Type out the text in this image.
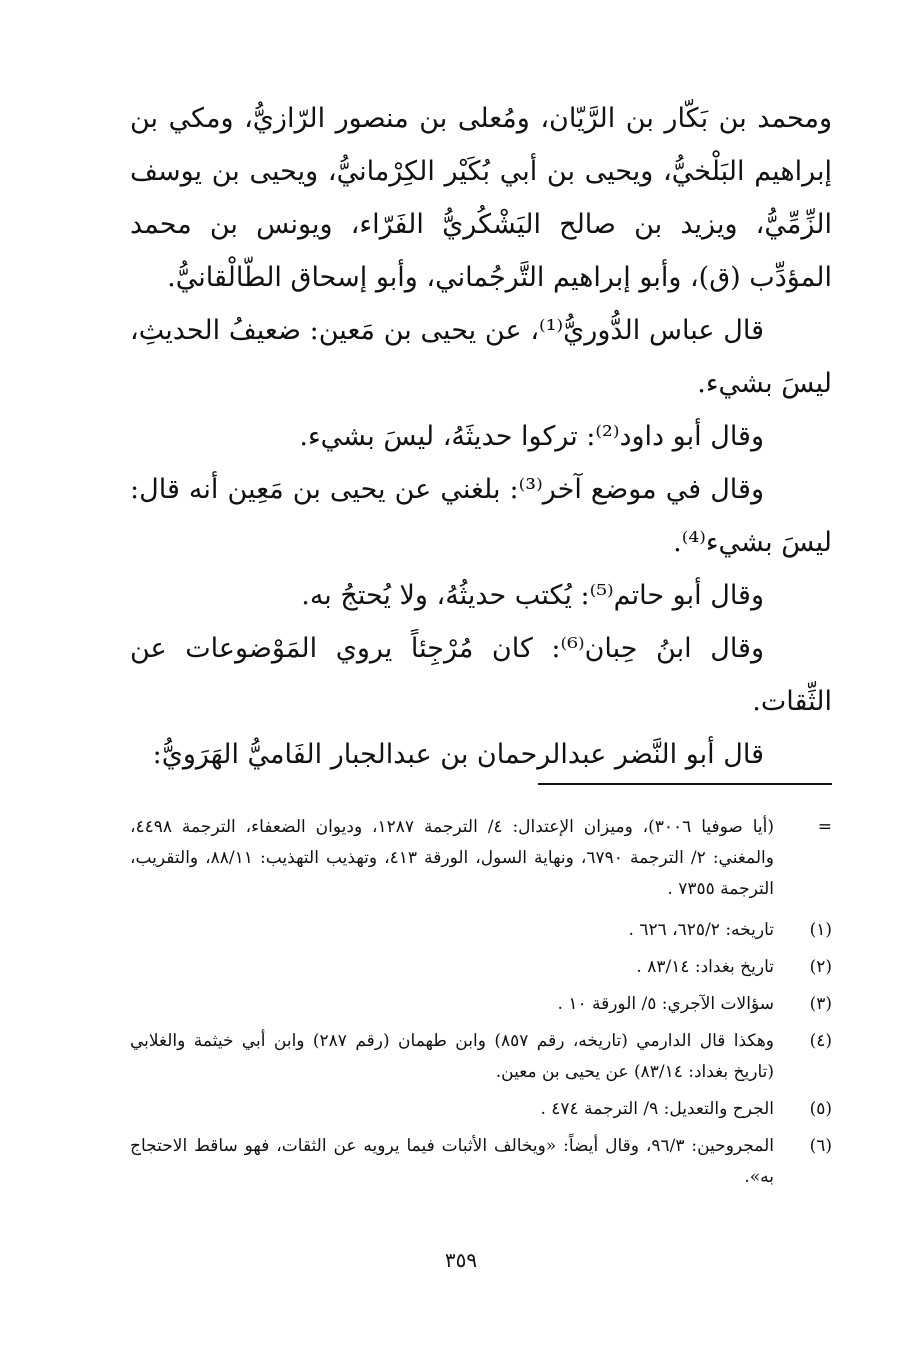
ومحمد بن بَكّار بن الرَّيّان، ومُعلى بن منصور الرّازيُّ، ومكي بن إبراهيم البَلْخيُّ، ويحيى بن أبي بُكَيْر الكِرْمانيُّ، ويحيى بن يوسف الزِّمِّيُّ، ويزيد بن صالح اليَشْكُريُّ الفَرّاء، ويونس بن محمد المؤدِّب (ق)، وأبو إبراهيم التَّرجُماني، وأبو إسحاق الطّالْقانيُّ.

قال عباس الدُّوريُّ⁽¹⁾، عن يحيى بن مَعين: ضعيفُ الحديثِ، ليسَ بشيء.

وقال أبو داود⁽²⁾: تركوا حديثَهُ، ليسَ بشيء.

وقال في موضع آخر⁽³⁾: بلغني عن يحيى بن مَعِين أنه قال: ليسَ بشيء⁽⁴⁾.

وقال أبو حاتم⁽⁵⁾: يُكتب حديثُهُ، ولا يُحتجُ به.

وقال ابنُ حِبان⁽⁶⁾: كان مُرْجِئاً يروي المَوْضوعات عن الثِّقات.

قال أبو النَّضر عبدالرحمان بن عبدالجبار الفَاميُّ الهَرَويُّ:

=
(أيا صوفيا ٣٠٠٦)، وميزان الإعتدال: ٤/ الترجمة ١٢٨٧، وديوان الضعفاء، الترجمة ٤٤٩٨، والمغني: ٢/ الترجمة ٦٧٩٠، ونهاية السول، الورقة ٤١٣، وتهذيب التهذيب: ٨٨/١١، والتقريب، الترجمة ٧٣٥٥ .
(١)
تاريخه: ٦٢٥/٢، ٦٢٦ .
(٢)
تاريخ بغداد: ٨٣/١٤ .
(٣)
سؤالات الآجري: ٥/ الورقة ١٠ .
(٤)
وهكذا قال الدارمي (تاريخه، رقم ٨٥٧) وابن طهمان (رقم ٢٨٧) وابن أبي خيثمة والغلابي (تاريخ بغداد: ٨٣/١٤) عن يحيى بن معين.
(٥)
الجرح والتعديل: ٩/ الترجمة ٤٧٤ .
(٦)
المجروحين: ٩٦/٣، وقال أيضاً: «ويخالف الأثبات فيما يرويه عن الثقات، فهو ساقط الاحتجاج به».
٣٥٩
